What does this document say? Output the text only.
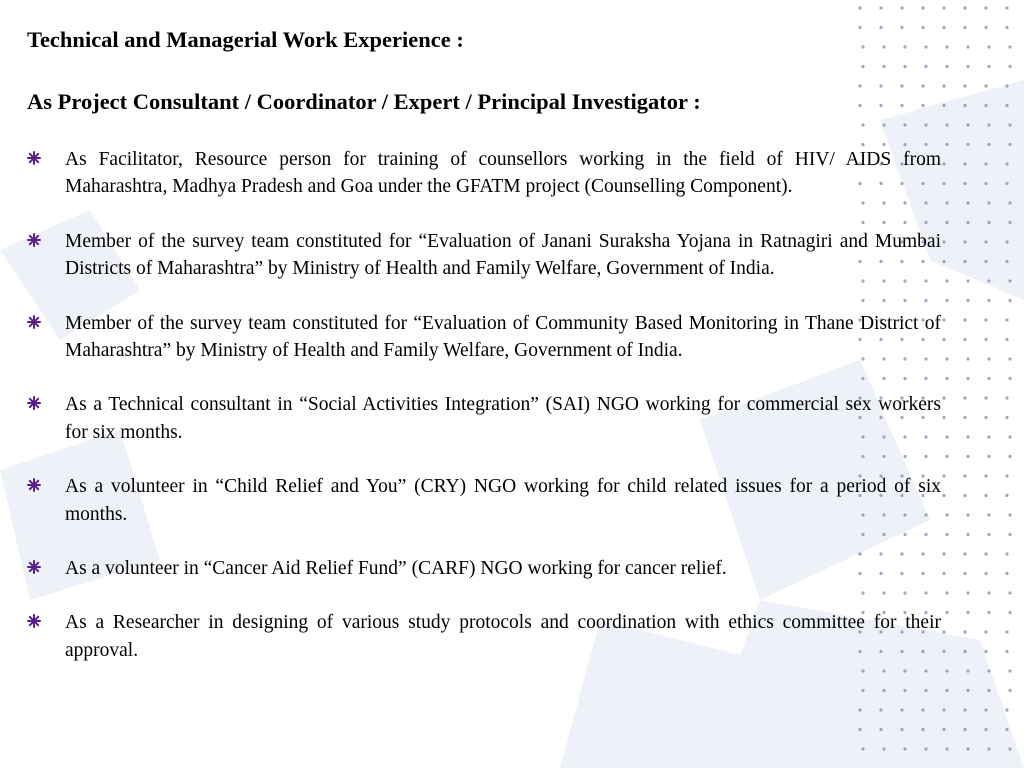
Technical and Managerial Work Experience :
As Project Consultant / Coordinator / Expert / Principal Investigator :
As Facilitator, Resource person for training of counsellors working in the field of HIV/ AIDS from Maharashtra, Madhya Pradesh and Goa under the GFATM project (Counselling Component).
Member of the survey team constituted for “Evaluation of Janani Suraksha Yojana in Ratnagiri and Mumbai Districts of Maharashtra” by Ministry of Health and Family Welfare, Government of India.
Member of the survey team constituted for “Evaluation of Community Based Monitoring in Thane District of Maharashtra” by Ministry of Health and Family Welfare, Government of India.
As a Technical consultant in “Social Activities Integration” (SAI) NGO working for commercial sex workers for six months.
As a volunteer in “Child Relief and You” (CRY) NGO working for child related issues for a period of six months.
As a volunteer in “Cancer Aid Relief Fund” (CARF) NGO working for cancer relief.
As a Researcher in designing of various study protocols and coordination with ethics committee for their approval.
